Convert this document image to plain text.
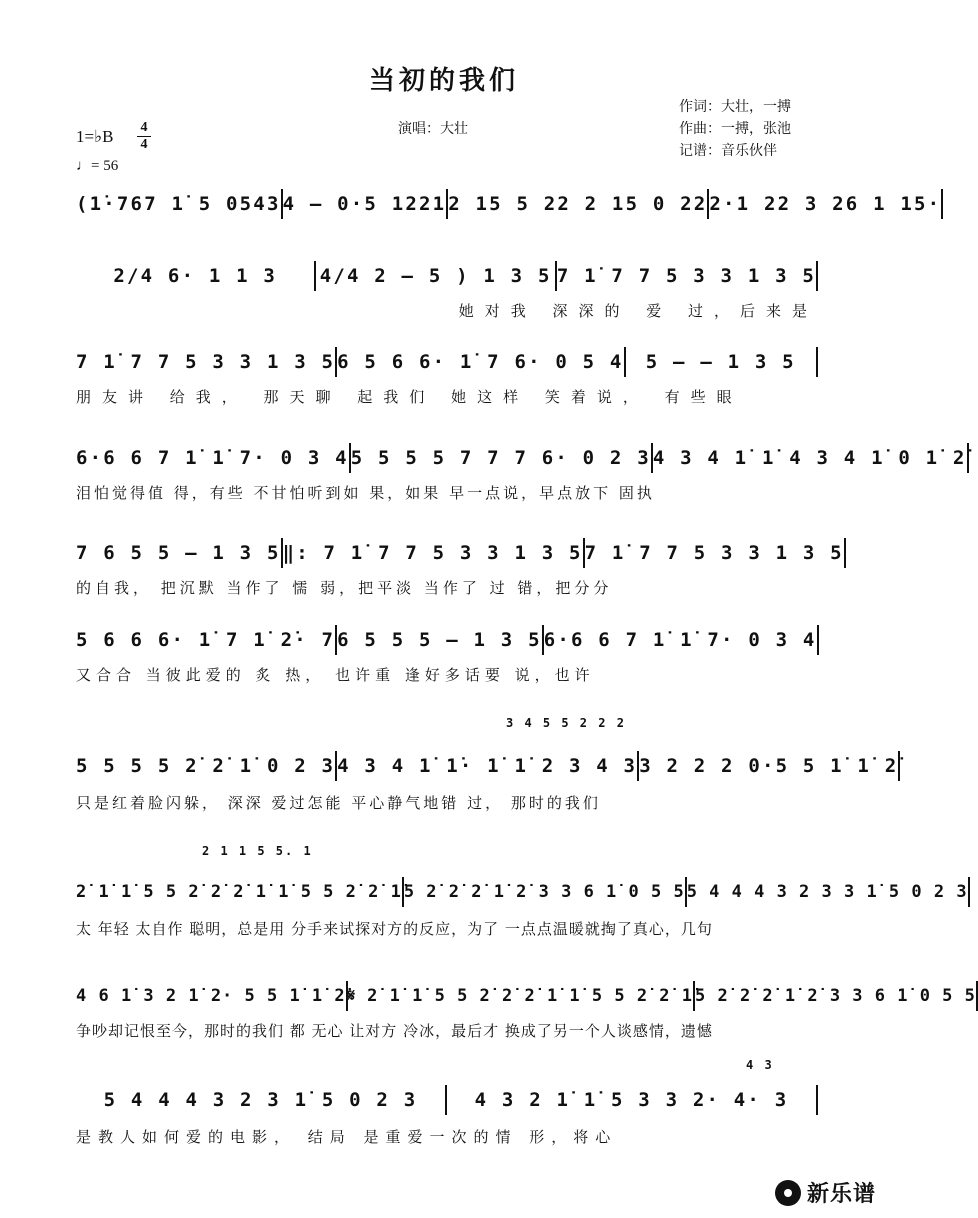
当初的我们
演唱：大壮
作词：大壮，一搏
作曲：一搏，张池
记谱：音乐伙伴
1=♭B 4
4
♩= 56
(1̇·767 1̇ 5 0543 4 – 0·5 1221 2 15 5 22 2 15 0 22 2·1 22 3 26 1 15·
2/4 6· 1 1 3	4/4 2 – 5 ) 1 3 5 7 1̇ 7 7 5 3 3 1 3 5
她对我 深深的 爱 过，后来是
7 1̇ 7 7 5 3 3 1 3 5 6 5 6 6· 1̇ 7 6· 0 5 4	5 – – 1 3 5
朋友讲 给我， 那天聊 起我们 她这样 笑着说， 有些眼
6·6 6 7 1̇ 1̇ 7· 0 3 4 5 5 5 5 7 7 7 6· 0 2 3 4 3 4 1̇ 1̇ 4 3 4 1̇ 0 1̇ 2̇
泪怕觉得值 得，有些 不甘怕听到如 果，如果 早一点说，早点放下 固执
7 6 5 5 – 1 3 5 ‖: 7 1̇ 7 7 5 3 3 1 3 5 7 1̇ 7 7 5 3 3 1 3 5
的自我， 把沉默 当作了 懦 弱，把平淡 当作了 过 错，把分分
5 6 6 6· 1̇ 7 1̇ 2̇· 7 6 5 5 5 – 1 3 5 6·6 6 7 1̇ 1̇ 7· 0 3 4
又合合 当彼此爱的 炙 热， 也许重 逢好多话要 说，也许
3 4 5 5 2 2 2
5 5 5 5 2̇ 2̇ 1̇ 0 2 3 4 3 4 1̇ 1̇· 1̇ 1̇ 2 3 4 3 3 2 2 2 0·5 5 1̇ 1̇ 2̇
只是红着脸闪躲， 深深 爱过怎能 平心静气地错 过， 那时的我们
2 1 1 5 5. 1
2̇ 1̇ 1̇ 5 5 2̇ 2̇ 2̇ 1̇ 1̇ 5 5 2̇ 2̇ 1̇ 5 2̇ 2̇ 2̇ 1̇ 2̇ 3 3 6 1̇ 0 5 5 5 4 4 4 3 2 3 3 1̇ 5 0 2 3
太 年轻 太自作 聪明，总是用 分手来试探对方的反应，为了 一点点温暖就掏了真心，几句
4 6 1̇ 3 2 1̇ 2· 5 5 1̇ 1̇ 2̇ 𝄋 2̇ 1̇ 1̇ 5 5 2̇ 2̇ 2̇ 1̇ 1̇ 5 5 2̇ 2̇ 1̇ 5 2̇ 2̇ 2̇ 1̇ 2̇ 3 3 6 1̇ 0 5 5
争吵却记恨至今，那时的我们 都 无心 让对方 冷冰，最后才 换成了另一个人谈感情，遗憾
4 3
5 4 4 4 3 2 3 1̇ 5 0 2 3	4 3 2 1̇ 1̇ 5 3 3 2· 4· 3
是教人如何爱的电影， 结局 是重爱一次的情 形，将心
新乐谱
